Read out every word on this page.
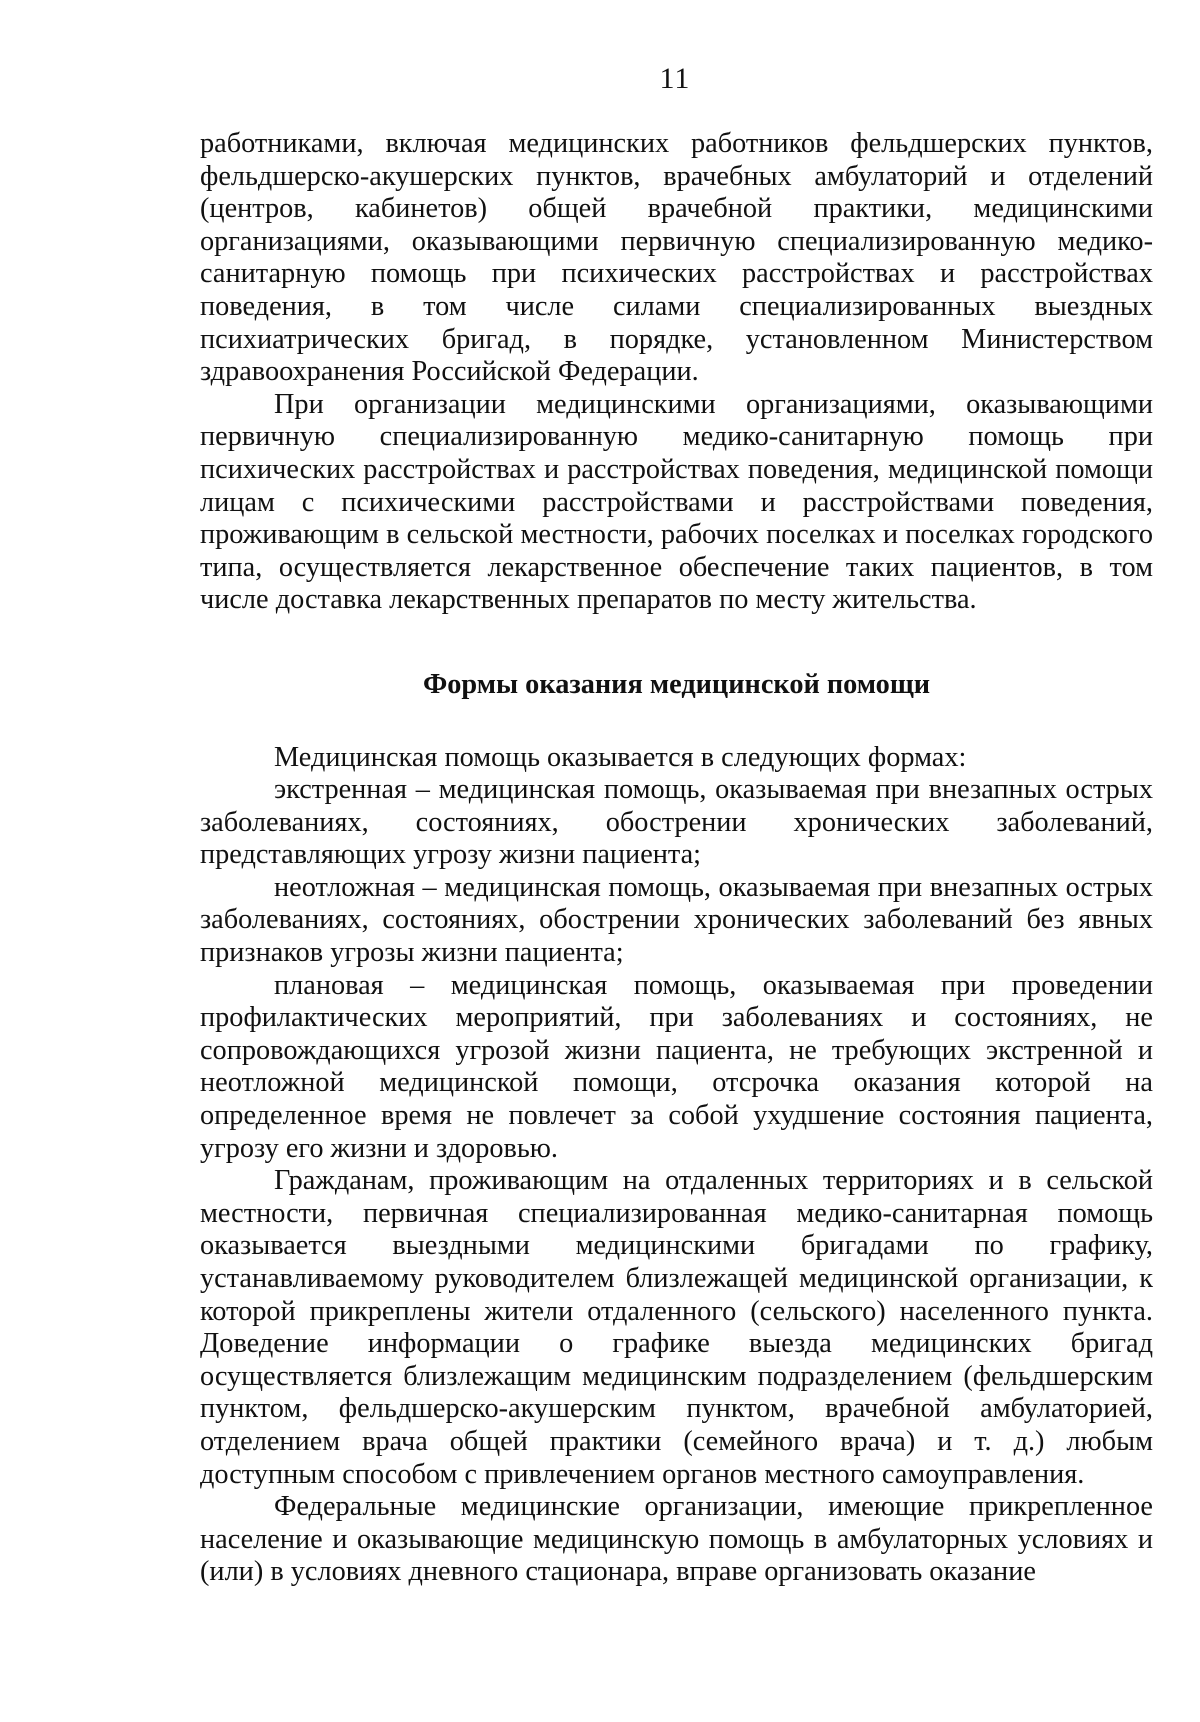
11

работниками, включая медицинских работников фельдшерских пунктов, фельдшерско-акушерских пунктов, врачебных амбулаторий и отделений (центров, кабинетов) общей врачебной практики, медицинскими организациями, оказывающими первичную специализированную медико-санитарную помощь при психических расстройствах и расстройствах поведения, в том числе силами специализированных выездных психиатрических бригад, в порядке, установленном Министерством здравоохранения Российской Федерации.

При организации медицинскими организациями, оказывающими первичную специализированную медико-санитарную помощь при психических расстройствах и расстройствах поведения, медицинской помощи лицам с психическими расстройствами и расстройствами поведения, проживающим в сельской местности, рабочих поселках и поселках городского типа, осуществляется лекарственное обеспечение таких пациентов, в том числе доставка лекарственных препаратов по месту жительства.

Формы оказания медицинской помощи

Медицинская помощь оказывается в следующих формах:

экстренная – медицинская помощь, оказываемая при внезапных острых заболеваниях, состояниях, обострении хронических заболеваний, представляющих угрозу жизни пациента;

неотложная – медицинская помощь, оказываемая при внезапных острых заболеваниях, состояниях, обострении хронических заболеваний без явных признаков угрозы жизни пациента;

плановая – медицинская помощь, оказываемая при проведении профилактических мероприятий, при заболеваниях и состояниях, не сопровождающихся угрозой жизни пациента, не требующих экстренной и неотложной медицинской помощи, отсрочка оказания которой на определенное время не повлечет за собой ухудшение состояния пациента, угрозу его жизни и здоровью.

Гражданам, проживающим на отдаленных территориях и в сельской местности, первичная специализированная медико-санитарная помощь оказывается выездными медицинскими бригадами по графику, устанавливаемому руководителем близлежащей медицинской организации, к которой прикреплены жители отдаленного (сельского) населенного пункта. Доведение информации о графике выезда медицинских бригад осуществляется близлежащим медицинским подразделением (фельдшерским пунктом, фельдшерско-акушерским пунктом, врачебной амбулаторией, отделением врача общей практики (семейного врача) и т. д.) любым доступным способом с привлечением органов местного самоуправления.

Федеральные медицинские организации, имеющие прикрепленное население и оказывающие медицинскую помощь в амбулаторных условиях и (или) в условиях дневного стационара, вправе организовать оказание
